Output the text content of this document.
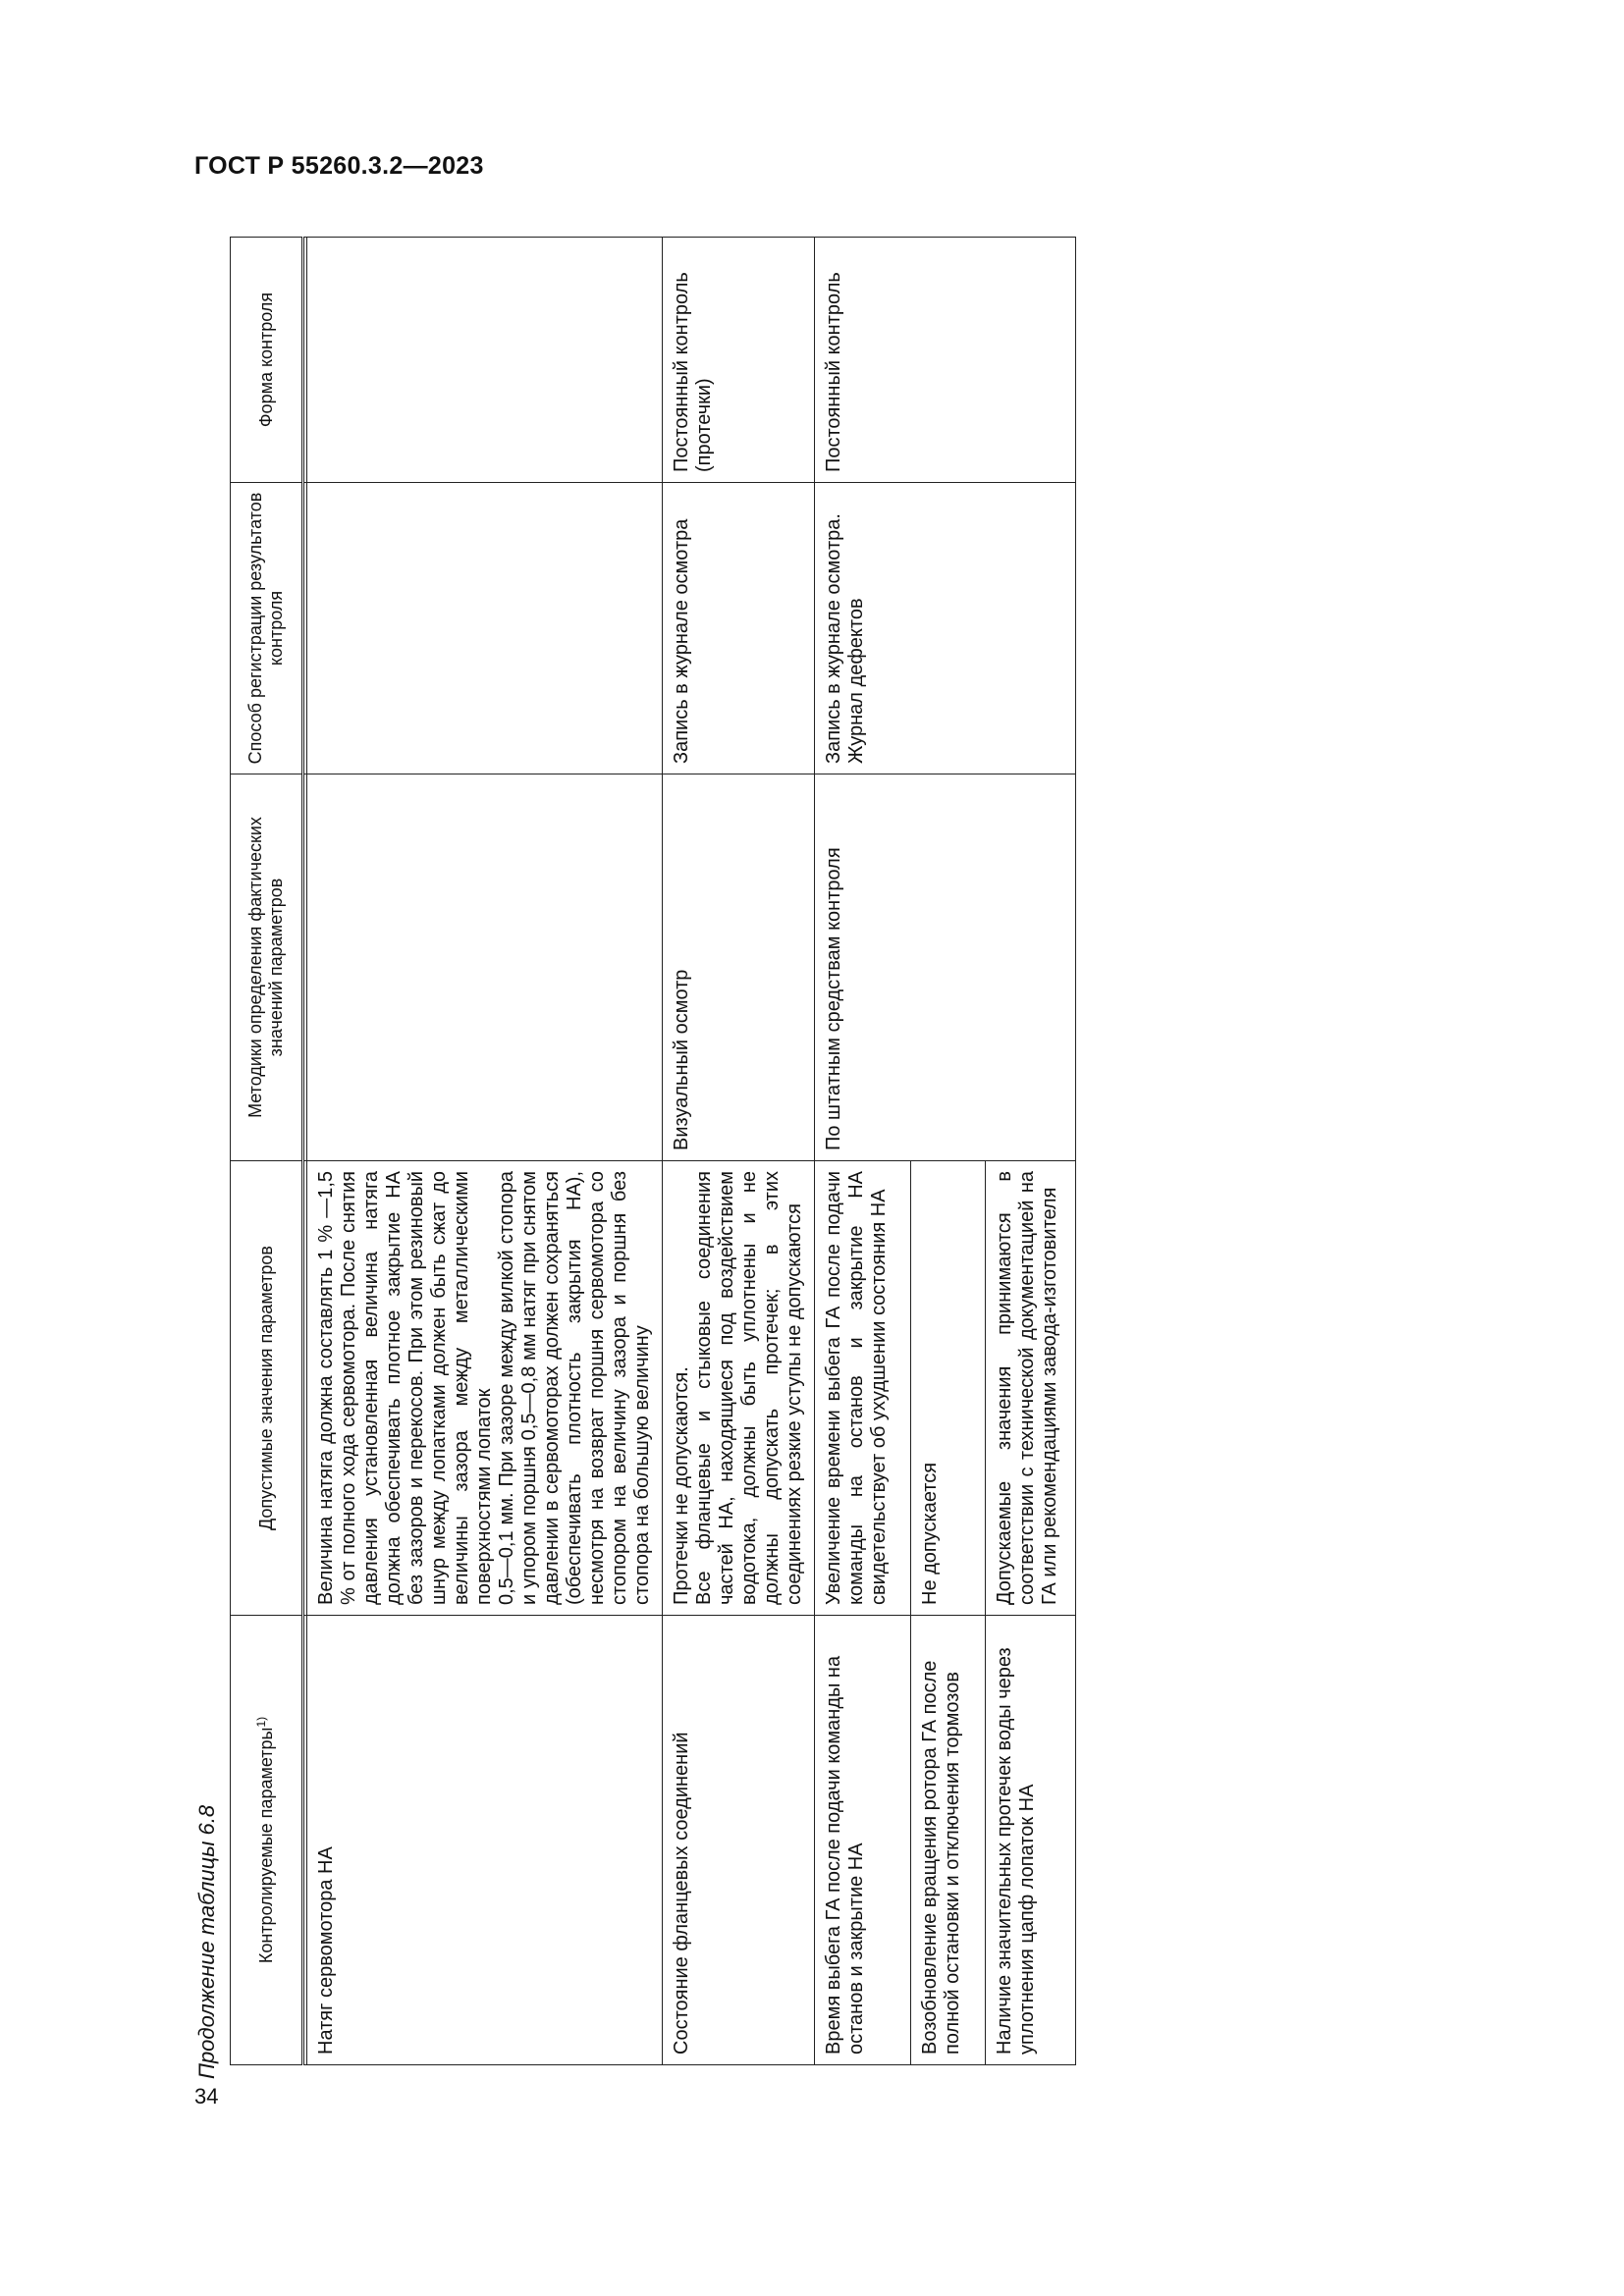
ГОСТ Р 55260.3.2—2023
34
Продолжение таблицы 6.8 Контролируемые параметры$^{1)}$	Допустимые значения параметров	Методики определения фактических значений параметров	Способ регистрации результатов контроля	Форма контроля

Натяг сервомотора НА	Величина натяга должна составлять 1 % —1,5 % от полного хода сервомотора. После снятия давления установленная величина натяга должна обеспечивать плотное закрытие НА без зазоров и перекосов. При этом резиновый шнур между лопатками должен быть сжат до величины зазора между металлическими поверхностями лопаток 0,5—0,1 мм. При зазоре между вилкой стопора и упором поршня 0,5—0,8 мм натяг при снятом давлении в сервомоторах должен сохраняться (обеспечивать плотность закрытия НА), несмотря на возврат поршня сервомотора со стопором на величину зазора и поршня без стопора на большую величину			

Состояние фланцевых соединений	Протечки не допускаются. Все фланцевые и стыковые соединения частей НА, находящиеся под воздействием водотока, должны быть уплотнены и не должны допускать протечек; в этих соединениях резкие уступы не допускаются	Визуальный осмотр	Запись в журнале осмотра	Постоянный контроль (протечки)
Время выбега ГА после подачи команды на останов и закрытие НА	Увеличение времени выбега ГА после подачи команды на останов и закрытие НА свидетельствует об ухудшении состояния НА	По штатным средствам контроля	Запись в журнале осмотра. Журнал дефектов	Постоянный контроль
Возобновление вращения ротора ГА после полной остановки и отключения тормозов	Не допускается			
Наличие значительных протечек воды через уплотнения цапф лопаток НА	Допускаемые значения принимаются в соответствии с технической документацией на ГА или рекомендациями завода-изготовителя			
